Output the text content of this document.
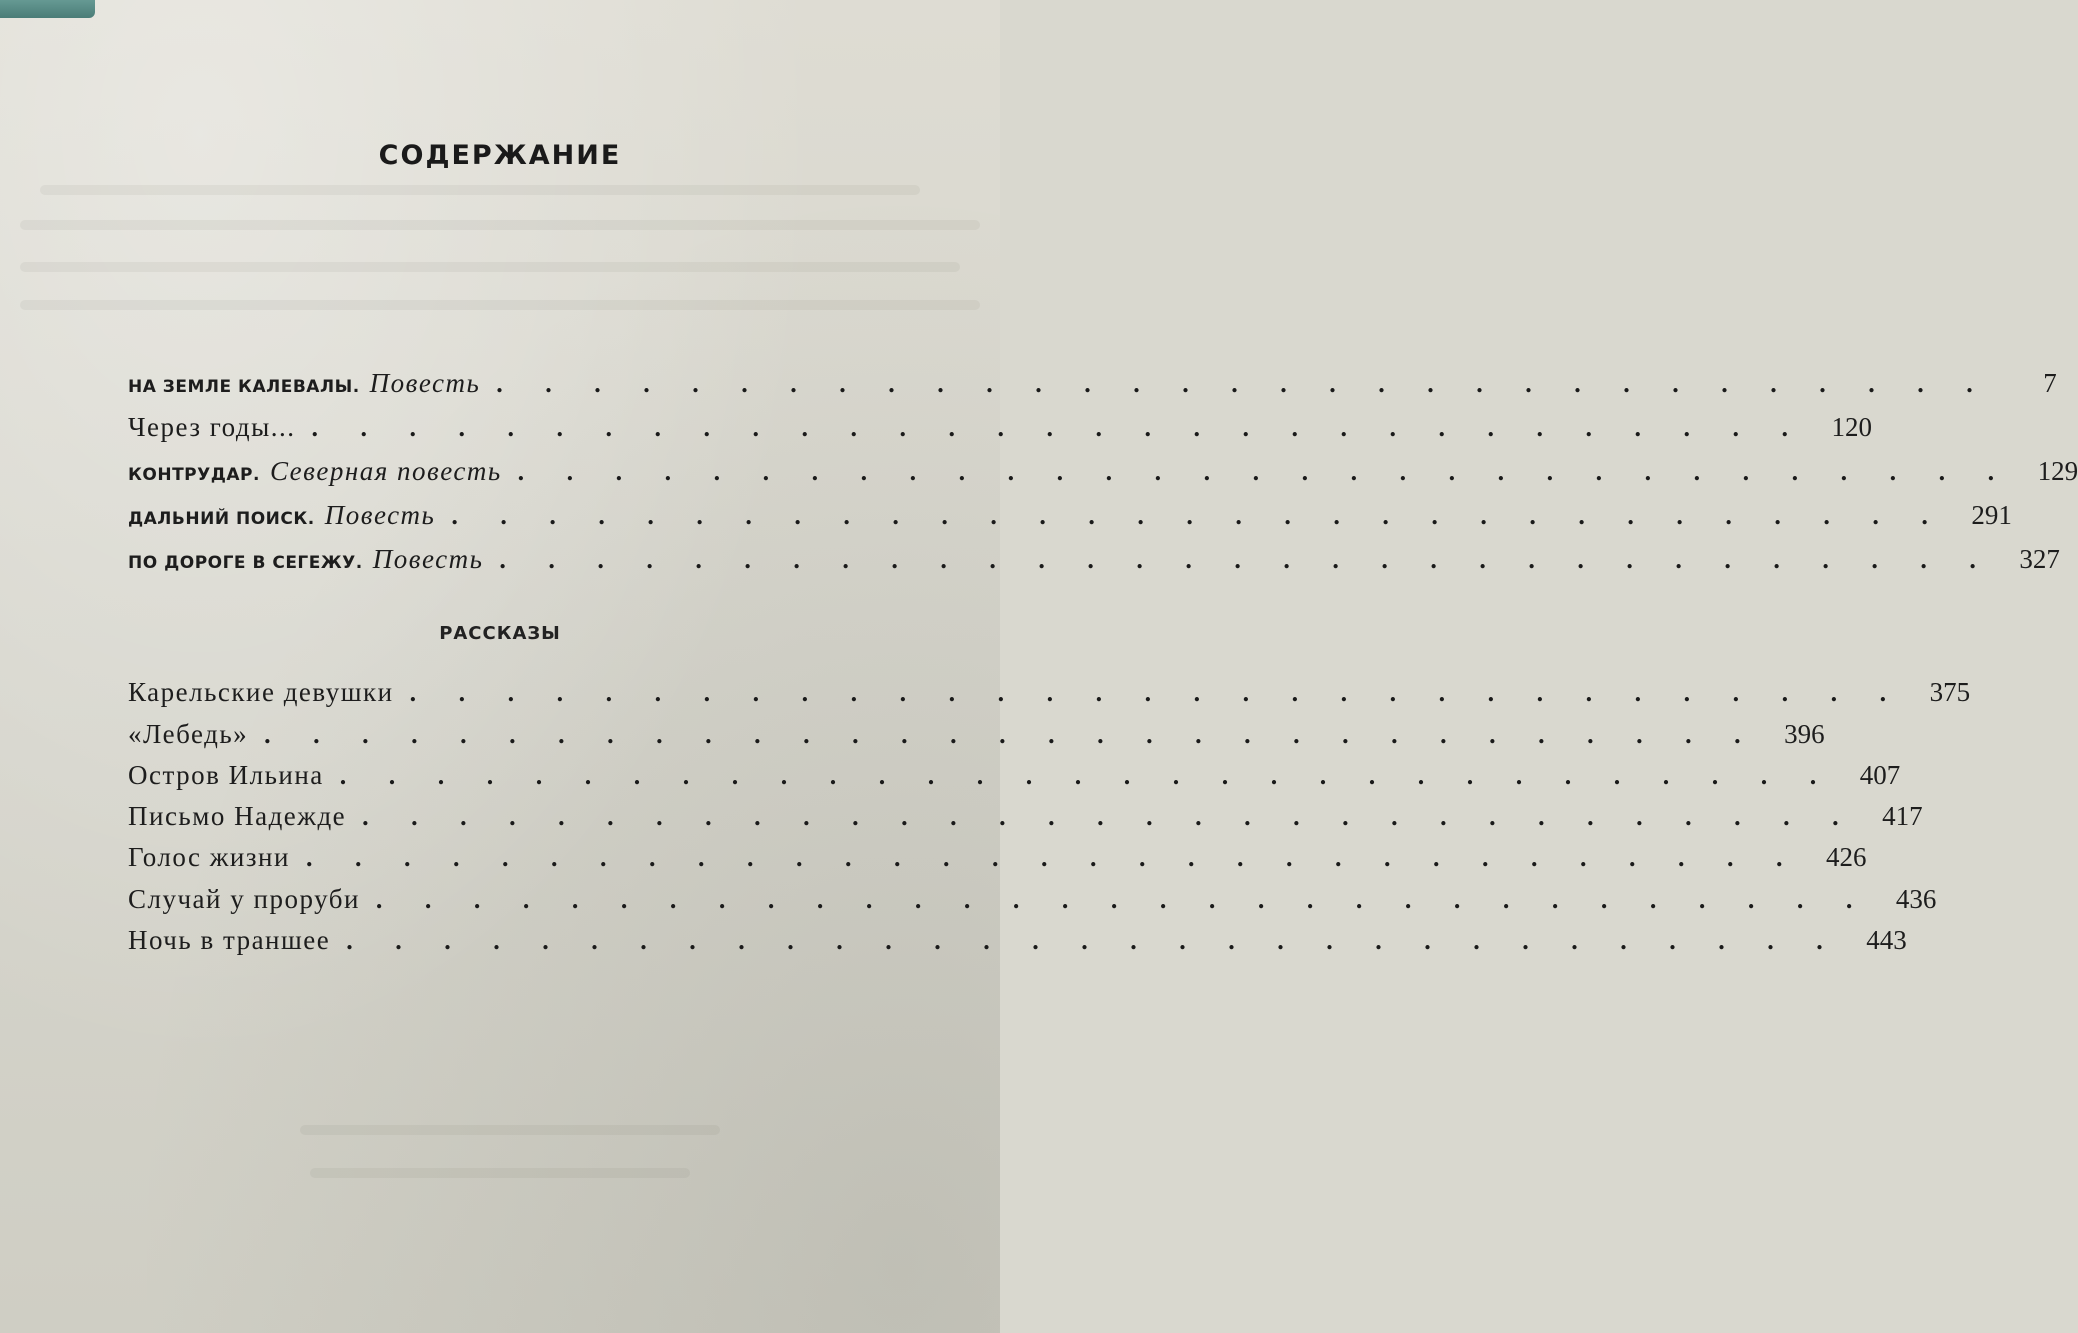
СОДЕРЖАНИЕ
НА ЗЕМЛЕ КАЛЕВАЛЫ. Повесть . . . . . . . . . . . . . . . . . . . . . . . . . . . . . . .	7
Через годы... . . . . . . . . . . . . . . . . . . . . . . . . . . . . . . . 120
КОНТРУДАР. Северная повесть . . . . . . . . . . . . . . . . . . . . . . . . . . . . . . . 129
ДАЛЬНИЙ ПОИСК. Повесть . . . . . . . . . . . . . . . . . . . . . . . . . . . . . . . 291
ПО ДОРОГЕ В СЕГЕЖУ. Повесть . . . . . . . . . . . . . . . . . . . . . . . . . . . . . . . 327
РАССКАЗЫ
Карельские девушки . . . . . . . . . . . . . . . . . . . . . . . . . . . . . . . 375
«Лебедь» . . . . . . . . . . . . . . . . . . . . . . . . . . . . . . . 396
Остров Ильина . . . . . . . . . . . . . . . . . . . . . . . . . . . . . . . 407
Письмо Надежде . . . . . . . . . . . . . . . . . . . . . . . . . . . . . . . 417
Голос жизни . . . . . . . . . . . . . . . . . . . . . . . . . . . . . . . 426
Случай у проруби . . . . . . . . . . . . . . . . . . . . . . . . . . . . . . . 436
Ночь в траншее . . . . . . . . . . . . . . . . . . . . . . . . . . . . . . . 443
